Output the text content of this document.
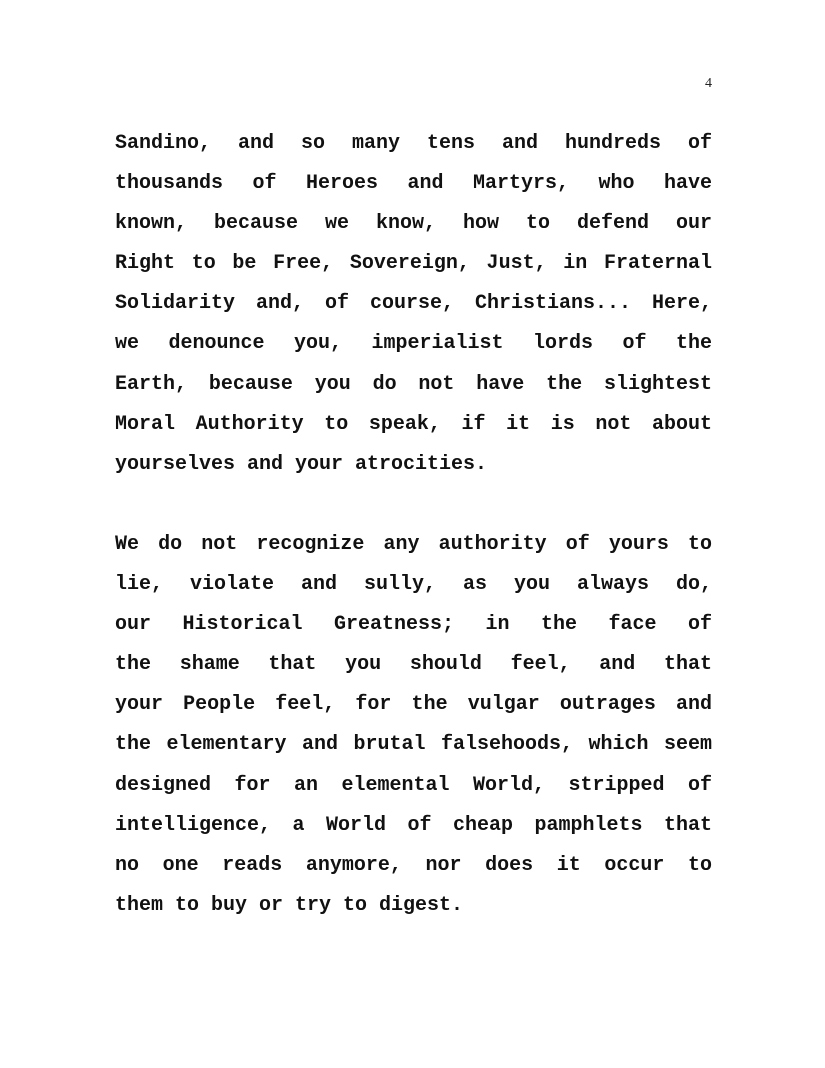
4
Sandino, and so many tens and hundreds of
thousands of Heroes and Martyrs, who have
known, because we know, how to defend our
Right to be Free, Sovereign, Just, in Fraternal
Solidarity and, of course, Christians... Here,
we denounce you, imperialist lords of the
Earth, because you do not have the slightest
Moral Authority to speak, if it is not about
yourselves and your atrocities.
We do not recognize any authority of yours to
lie, violate and sully, as you always do,
our Historical Greatness; in the face of
the shame that you should feel, and that
your People feel, for the vulgar outrages and
the elementary and brutal falsehoods, which seem
designed for an elemental World, stripped of
intelligence, a World of cheap pamphlets that
no one reads anymore, nor does it occur to
them to buy or try to digest.
